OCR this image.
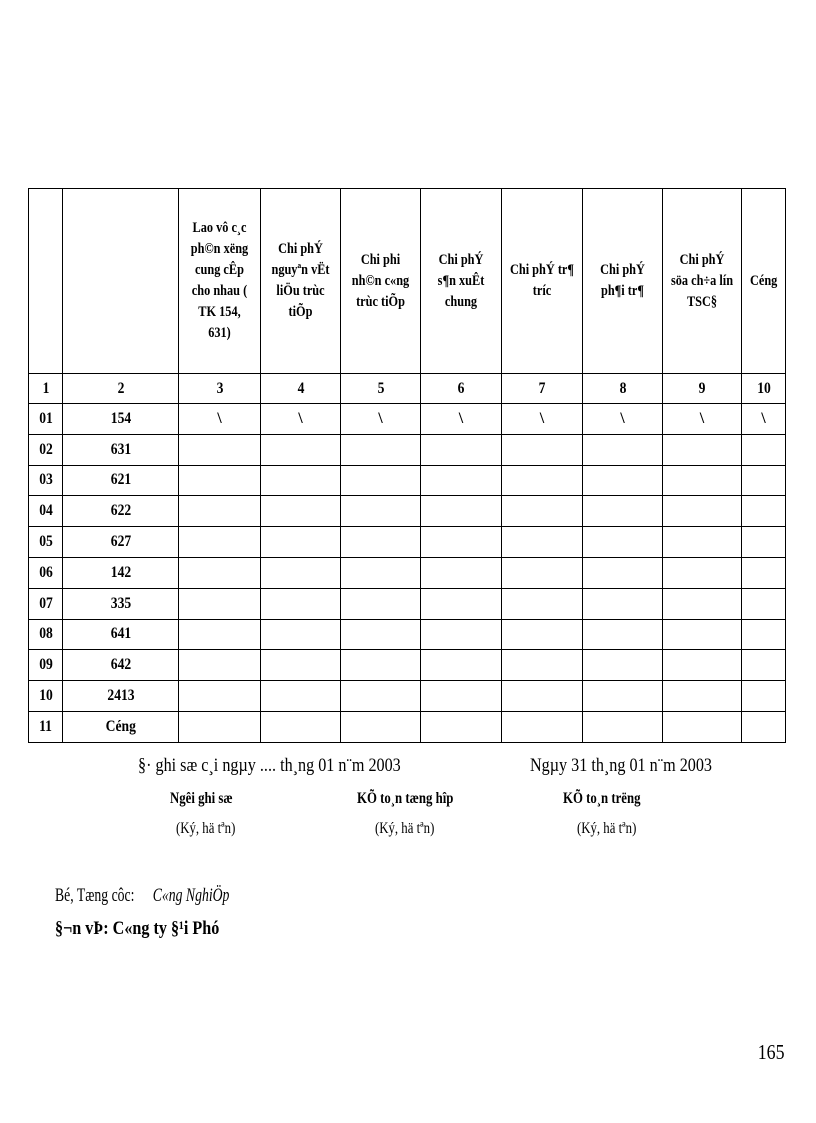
		Lao vô c¸c ph©n xëng cung cÊp cho nhau ( TK 154, 631)	Chi phÝ nguyªn vËt liÖu trùc tiÕp	Chi phi nh©n c«ng trùc tiÕp	Chi phÝ s¶n xuÊt chung	Chi phÝ tr¶ tríc	Chi phÝ ph¶i tr¶	Chi phÝ söa ch÷a lín TSC§	Céng
1	2	3	4	5	6	7	8	9	10
01	154	\	\	\	\	\	\	\	\
02	631								
03	621								
04	622								
05	627								
06	142								
07	335								
08	641								
09	642								
10	2413								
11	Céng								
§· ghi sæ c¸i ngµy .... th¸ng 01 n¨m 2003	Ngµy 31 th¸ng 01 n¨m 2003
Ngêi ghi sæ	KÕ to¸n tæng hîp	KÕ to¸n trëng
(Ký, hä tªn)	(Ký, hä tªn)	(Ký, hä tªn)
Bé, Tæng côc: C«ng NghiÖp
§¬n vÞ: C«ng ty §¹i Phó
165
